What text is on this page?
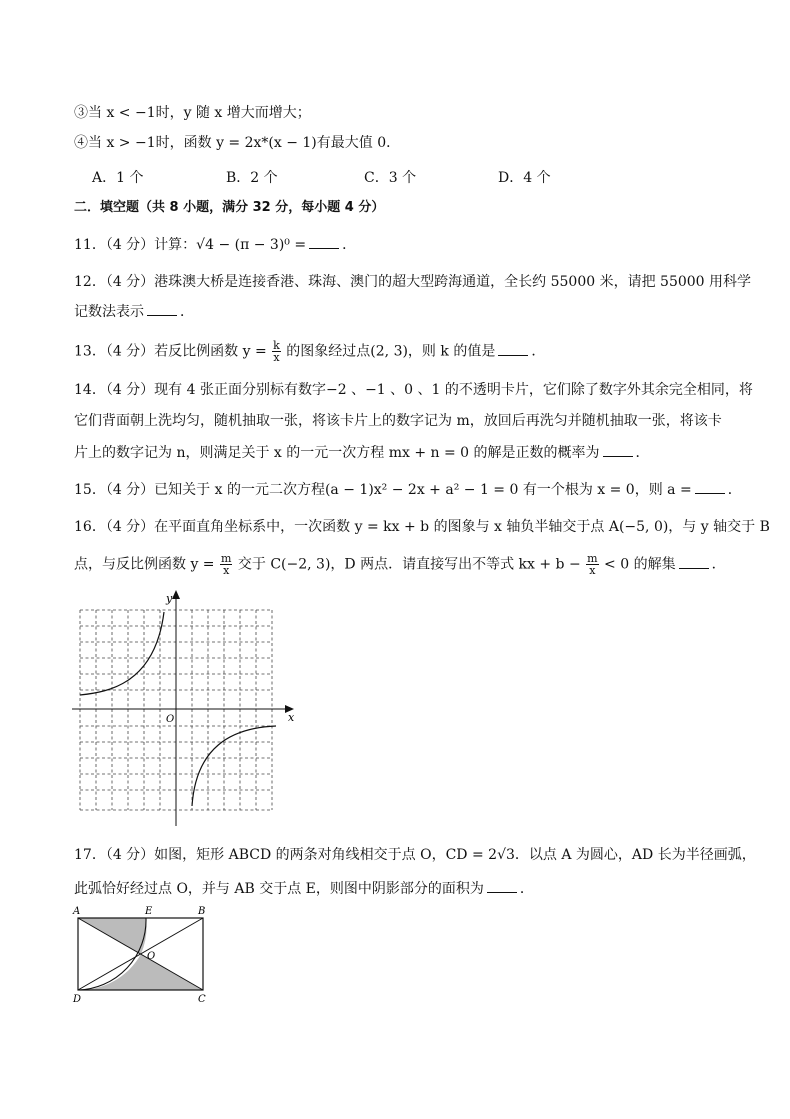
③当 x < −1时，y 随 x 增大而增大；
④当 x > −1时，函数 y = 2x*(x − 1)有最大值 0．
A．1 个	B．2 个	C．3 个	D．4 个
二．填空题（共 8 小题，满分 32 分，每小题 4 分）
11．（4 分）计算：√4 − (π − 3)⁰ =	．
12．（4 分）港珠澳大桥是连接香港、珠海、澳门的超大型跨海通道，全长约 55000 米，请把 55000 用科学
记数法表示	．
13．（4 分）若反比例函数 $y = \frac{k}{x}$ 的图象经过点(2, 3)，则 k 的值是	．
14．（4 分）现有 4 张正面分别标有数字−2 、−1 、0 、1 的不透明卡片，它们除了数字外其余完全相同，将
它们背面朝上洗均匀，随机抽取一张，将该卡片上的数字记为 m，放回后再洗匀并随机抽取一张，将该卡
片上的数字记为 n，则满足关于 x 的一元一次方程 mx + n = 0 的解是正数的概率为	．
15．（4 分）已知关于 x 的一元二次方程(a − 1)x² − 2x + a² − 1 = 0 有一个根为 x = 0，则 a =	．
16．（4 分）在平面直角坐标系中，一次函数 y = kx + b 的图象与 x 轴负半轴交于点 A(−5, 0)，与 y 轴交于 B
点，与反比例函数 $y = \frac{m}{x}$ 交于 C(−2, 3)，D 两点．请直接写出不等式 kx + $b - \frac{m}{x} < 0$ 的解集	．
x
y
O
17．（4 分）如图，矩形 ABCD 的两条对角线相交于点 O，CD = 2√3．以点 A 为圆心，AD 长为半径画弧，
此弧恰好经过点 O，并与 AB 交于点 E，则图中阴影部分的面积为	．
A	E	B
O
D	C
